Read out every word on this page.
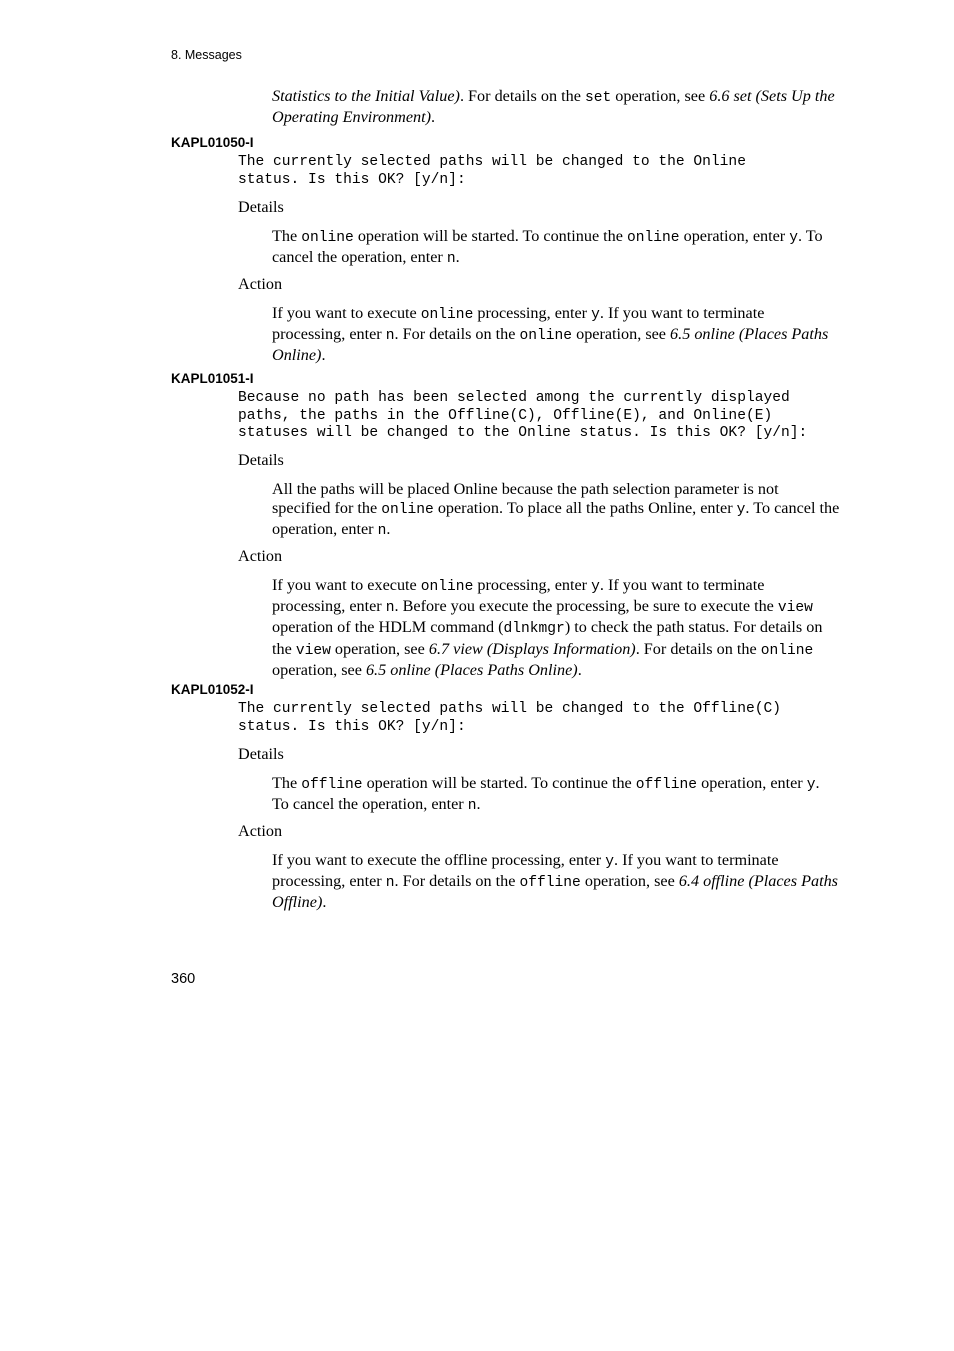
8. Messages
Statistics to the Initial Value). For details on the set operation, see 6.6 set (Sets Up the Operating Environment).
KAPL01050-I
The currently selected paths will be changed to the Online
status. Is this OK? [y/n]:
Details
The online operation will be started. To continue the online operation, enter y. To cancel the operation, enter n.
Action
If you want to execute online processing, enter y. If you want to terminate processing, enter n. For details on the online operation, see 6.5 online (Places Paths Online).
KAPL01051-I
Because no path has been selected among the currently displayed
paths, the paths in the Offline(C), Offline(E), and Online(E)
statuses will be changed to the Online status. Is this OK? [y/n]:
Details
All the paths will be placed Online because the path selection parameter is not specified for the online operation. To place all the paths Online, enter y. To cancel the operation, enter n.
Action
If you want to execute online processing, enter y. If you want to terminate processing, enter n. Before you execute the processing, be sure to execute the view operation of the HDLM command (dlnkmgr) to check the path status. For details on the view operation, see 6.7 view (Displays Information). For details on the online operation, see 6.5 online (Places Paths Online).
KAPL01052-I
The currently selected paths will be changed to the Offline(C)
status. Is this OK? [y/n]:
Details
The offline operation will be started. To continue the offline operation, enter y. To cancel the operation, enter n.
Action
If you want to execute the offline processing, enter y. If you want to terminate processing, enter n. For details on the offline operation, see 6.4 offline (Places Paths Offline).
360
